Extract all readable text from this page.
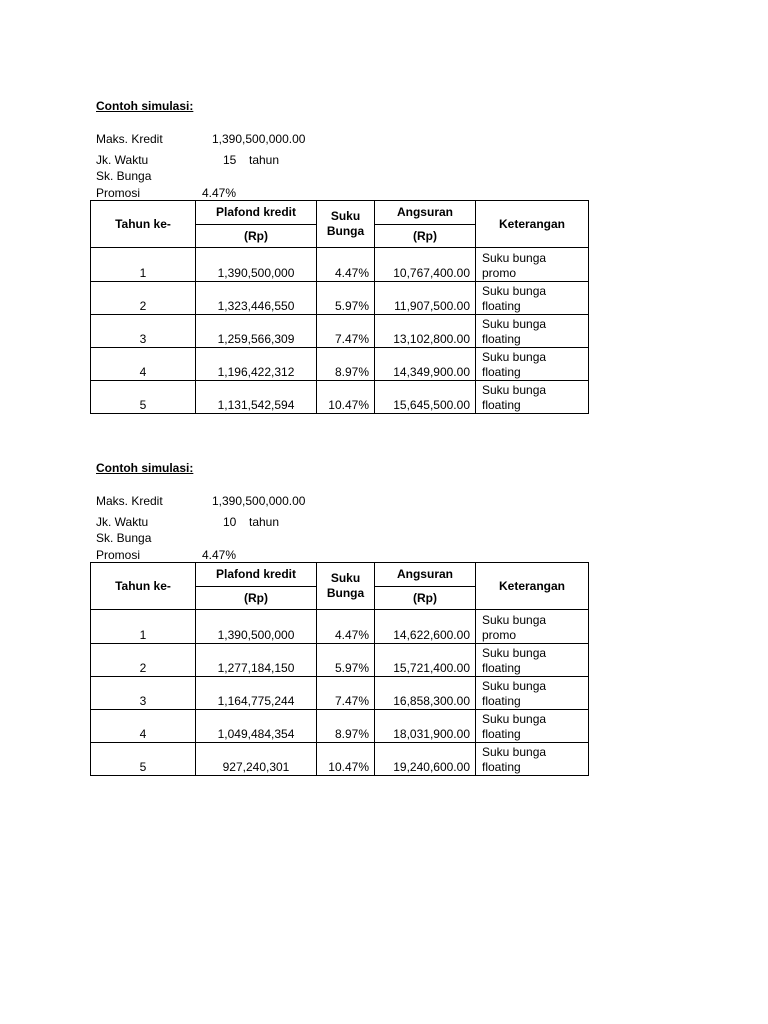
Contoh simulasi:
Maks. Kredit	1,390,500,000.00
Jk. Waktu	15 tahun
Sk. Bunga
Promosi	4.47%
Tahun ke-	Plafond kredit	Suku Bunga	Angsuran	Keterangan
	(Rp)		(Rp)	
1	1,390,500,000	4.47%	10,767,400.00	Suku bunga promo
2	1,323,446,550	5.97%	11,907,500.00	Suku bunga floating
3	1,259,566,309	7.47%	13,102,800.00	Suku bunga floating
4	1,196,422,312	8.97%	14,349,900.00	Suku bunga floating
5	1,131,542,594	10.47%	15,645,500.00	Suku bunga floating
Contoh simulasi:
Maks. Kredit	1,390,500,000.00
Jk. Waktu	10 tahun
Sk. Bunga
Promosi	4.47%
Tahun ke-	Plafond kredit	Suku Bunga	Angsuran	Keterangan
	(Rp)		(Rp)	
1	1,390,500,000	4.47%	14,622,600.00	Suku bunga promo
2	1,277,184,150	5.97%	15,721,400.00	Suku bunga floating
3	1,164,775,244	7.47%	16,858,300.00	Suku bunga floating
4	1,049,484,354	8.97%	18,031,900.00	Suku bunga floating
5	927,240,301	10.47%	19,240,600.00	Suku bunga floating
